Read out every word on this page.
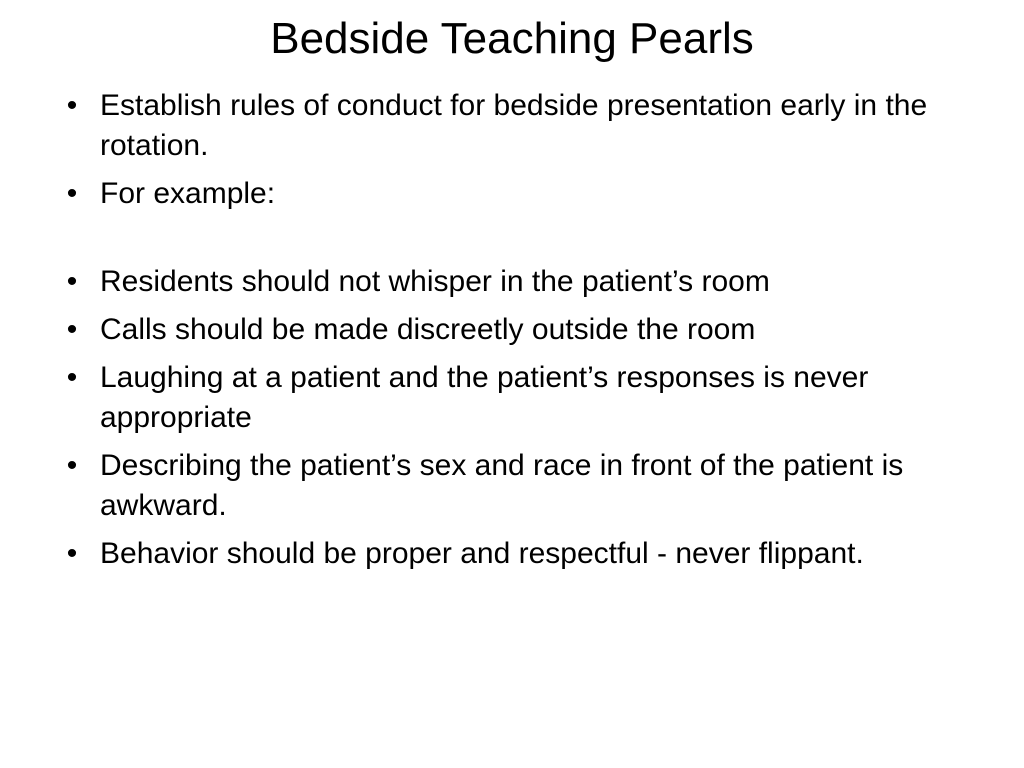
Bedside Teaching Pearls
• Establish rules of conduct for bedside presentation early in the rotation.
• For example:
• Residents should not whisper in the patient’s room
• Calls should be made discreetly outside the room
• Laughing at a patient and the patient’s responses is never appropriate
• Describing the patient’s sex and race in front of the patient is awkward.
• Behavior should be proper and respectful - never flippant.
